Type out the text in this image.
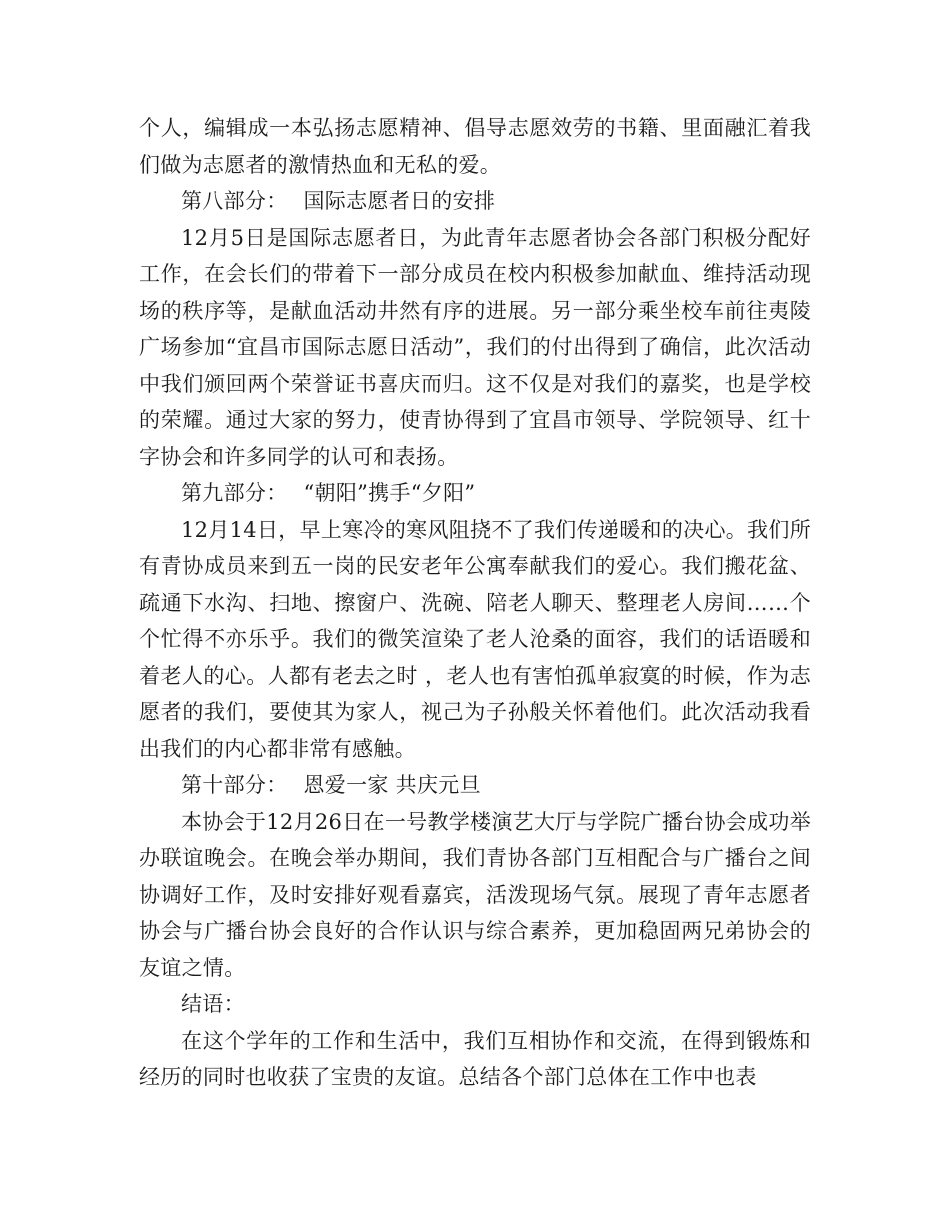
个人，编辑成一本弘扬志愿精神、倡导志愿效劳的书籍、里面融汇着我们做为志愿者的激情热血和无私的爱。

第八部分： 国际志愿者日的安排

12月5日是国际志愿者日，为此青年志愿者协会各部门积极分配好工作，在会长们的带着下一部分成员在校内积极参加献血、维持活动现场的秩序等，是献血活动井然有序的进展。另一部分乘坐校车前往夷陵广场参加“宜昌市国际志愿日活动”，我们的付出得到了确信，此次活动中我们颁回两个荣誉证书喜庆而归。这不仅是对我们的嘉奖，也是学校的荣耀。通过大家的努力，使青协得到了宜昌市领导、学院领导、红十字协会和许多同学的认可和表扬。

第九部分： “朝阳”携手“夕阳”

12月14日，早上寒冷的寒风阻挠不了我们传递暖和的决心。我们所有青协成员来到五一岗的民安老年公寓奉献我们的爱心。我们搬花盆、疏通下水沟、扫地、擦窗户、洗碗、陪老人聊天、整理老人房间……个个忙得不亦乐乎。我们的微笑渲染了老人沧桑的面容，我们的话语暖和着老人的心。人都有老去之时 ，老人也有害怕孤单寂寞的时候，作为志愿者的我们，要使其为家人，视己为子孙般关怀着他们。此次活动我看出我们的内心都非常有感触。

第十部分： 恩爱一家 共庆元旦

本协会于12月26日在一号教学楼演艺大厅与学院广播台协会成功举办联谊晚会。在晚会举办期间，我们青协各部门互相配合与广播台之间协调好工作，及时安排好观看嘉宾，活泼现场气氛。展现了青年志愿者协会与广播台协会良好的合作认识与综合素养，更加稳固两兄弟协会的友谊之情。

结语：

在这个学年的工作和生活中，我们互相协作和交流，在得到锻炼和经历的同时也收获了宝贵的友谊。总结各个部门总体在工作中也表
